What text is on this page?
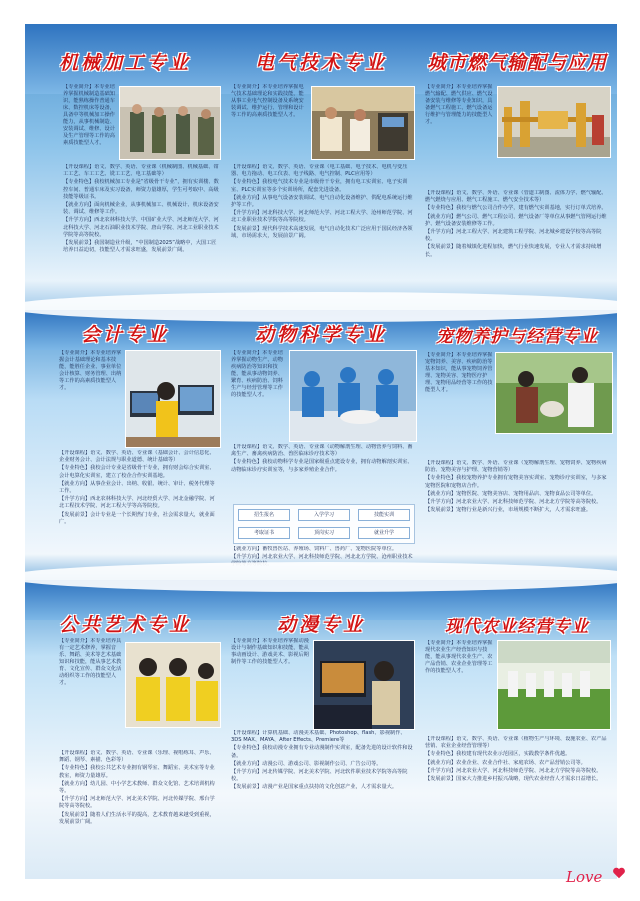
机械加工专业
【专业简介】本专业培养掌握机械制造基础知识，能熟练操作普通车床、数控机床等设备，具备中等机械加工操作能力，从事机械制造、安装调试、维修、设计及生产管理等工作的高素质技能型人才。

【开设课程】语文、数学、英语、专业课（机械制图、机械基础、钳工工艺、车工工艺、铣工工艺、电工基础等）

【专业特色】我校机械加工专业是“省级骨干专业”，拥有实训楼、数控车间、普通车床及实习设备，师资力量雄厚，学生可考取中、高级技能等级证书。

【就业方向】面向机械企业，从事机械加工、机械设计、机床设备安装、调试、维修等工作。

【升学方向】西北农林科技大学、中国矿业大学、河北师范大学、河北科技大学、河北石油职业技术学院、唐山学院、河北工业职业技术学院等高等院校。

【发展前景】我国制造业升级，“中国制造2025”战略中，大国工匠培养日益迫切，技能型人才需求旺盛，发展前景广阔。

电气技术专业
【专业简介】本专业培养掌握电气技术基础理论和实践技能，能从事工业电气控制设备及系统安装调试、维护运行、管理和设计等工作的高素质技能型人才。

【开设课程】语文、数学、英语、专业课（电工基础、电子技术、电机与变压器、电力拖动、电工仪表、电子线路、电气控制、PLC应用等）

【专业特色】我校电气技术专业是市级骨干专业，拥有电工实训室、电子实训室、PLC实训室等多个实训场所，配套先进设备。

【就业方向】从事电气设备安装调试、电气自动化设备维护、供配电系统运行维护等工作。

【升学方向】河北科技大学、河北师范大学、河北工程大学、沧州师范学院、河北工业职业技术学院等高等院校。

【发展前景】现代科学技术高速发展，电气自动化技术广泛应用于国民经济各领域，市场需求大，发展前景广阔。

城市燃气输配与应用
【专业简介】本专业培养掌握燃气输配、燃气供应、燃气设备安装与维修等专业知识，具备燃气工程施工、燃气设备运行维护与管理能力的技能型人才。

【开设课程】语文、数学、外语、专业课（管道工制图、流体力学、燃气输配、燃气燃烧与应用、燃气工程施工、燃气安全技术等）

【专业特色】我校与燃气公司合作办学，建有燃气实训基地，实行订单式培养。

【就业方向】燃气公司、燃气工程公司、燃气设备厂等单位从事燃气管网运行维护、燃气设备安装维修等工作。

【升学方向】河北工程大学、河北建筑工程学院、河北城乡建设学校等高等院校。

【发展前景】随着城镇化进程加快，燃气行业快速发展，专业人才需求持续增长。

会计专业
【专业简介】本专业培养掌握会计基础理论和基本技能，能胜任企业、事业单位会计核算、财务管理、出纳等工作的高素质技能型人才。

【开设课程】语文、数学、英语、专业课（基础会计、会计信息化、企业财务会计、会计法规与职业道德、统计基础等）

【专业特色】我校会计专业是省级骨干专业，拥有财会综合实训室、会计电算化实训室，建立了校企合作实训基地。

【就业方向】从事企业会计、出纳、收银、统计、审计、税务代理等工作。

【升学方向】西北农林科技大学、河北经贸大学、河北金融学院、河北工程技术学院、河北工程大学等高等院校。

【发展前景】会计专业是一个长期热门专业，社会需求量大，就业面广。

动物科学专业
【专业简介】本专业培养掌握动物生产、动物疾病防治等知识和技能，能从事动物饲养、繁育、疾病防治、饲料生产与经营管理等工作的技能型人才。

【开设课程】语文、数学、英语、专业课（动物解剖生理、动物营养与饲料、畜禽生产、畜禽疾病防治、兽医临床诊疗技术等）

【专业特色】我校动物科学专业是国家级重点建设专业，拥有动物解剖实训室、动物临床诊疗实训室等，与多家养殖企业合作。

招生报名	入学学习	技能实训
考取证书	顶岗实习	就业升学

【就业方向】畜牧兽医站、养殖场、饲料厂、兽药厂、宠物医院等单位。

【升学方向】河北农业大学、河北科技师范学院、河北北方学院、沧州职业技术

宠物养护与经营专业
【专业简介】本专业培养掌握宠物饲养、美容、疾病防治等基本知识，能从事宠物饲养管理、宠物美容、宠物医疗护理、宠物用品经营等工作的技能型人才。

【开设课程】语文、数学、外语、专业课（宠物解剖生理、宠物饲养、宠物疾病防治、宠物美容与护理、宠物营销等）

【专业特色】我校宠物养护专业拥有宠物美容实训室、宠物诊疗实训室，与多家宠物医院和宠物店合作。

【就业方向】宠物医院、宠物美容店、宠物用品店、宠物食品公司等单位。

【升学方向】河北农业大学、河北科技师范学院、河北北方学院等高等院校。

【发展前景】宠物行业是新兴行业，市场规模不断扩大，人才需求旺盛。

公共艺术专业
【专业简介】本专业培养具有一定艺术修养，掌握音乐、舞蹈、美术等艺术基础知识和技能，能从事艺术教育、文化宣传、群众文化活动组织等工作的技能型人才。

【开设课程】语文、数学、英语、专业课（乐理、视唱练耳、声乐、舞蹈、钢琴、素描、色彩等）

【专业特色】我校公共艺术专业拥有钢琴室、舞蹈室、美术室等专业教室，师资力量雄厚。

【就业方向】幼儿园、中小学艺术教师、群众文化馆、艺术培训机构等。

【升学方向】河北师范大学、河北美术学院、河北传媒学院、邢台学院等高等院校。

【发展前景】随着人们生活水平的提高，艺术教育越来越受到重视，发展前景广阔。

动漫专业
【专业简介】本专业培养掌握动漫设计与制作基础知识和技能，能从事动画设计、游戏美术、影视后期制作等工作的技能型人才。

【开设课程】计算机基础、动漫美术基础、Photoshop、flash、影视制作、3DS MAX、MAYA、After Effects、Premiere等

【专业特色】我校动漫专业拥有专业动漫制作实训室，配备先进的设计软件和设备。

【就业方向】动漫公司、游戏公司、影视制作公司、广告公司等。

【升学方向】河北传媒学院、河北美术学院、河北软件职业技术学院等高等院校。

【发展前景】动漫产业是国家重点扶持的文化创意产业，人才需求量大。

现代农业经营专业
【专业简介】本专业培养掌握现代农业生产经营知识与技能，能从事现代农业生产、农产品营销、农业企业管理等工作的技能型人才。

【开设课程】语文、数学、英语、专业课（植物生产与环境、设施农业、农产品营销、农业企业经营管理等）

【专业特色】我校建有现代农业示范园区，实践教学条件优越。

【就业方向】农业企业、农业合作社、家庭农场、农产品营销公司等。

【升学方向】河北农业大学、河北科技师范学院、河北北方学院等高等院校。

【发展前景】国家大力推进乡村振兴战略，现代农业经营人才需求日益增长。

Love
